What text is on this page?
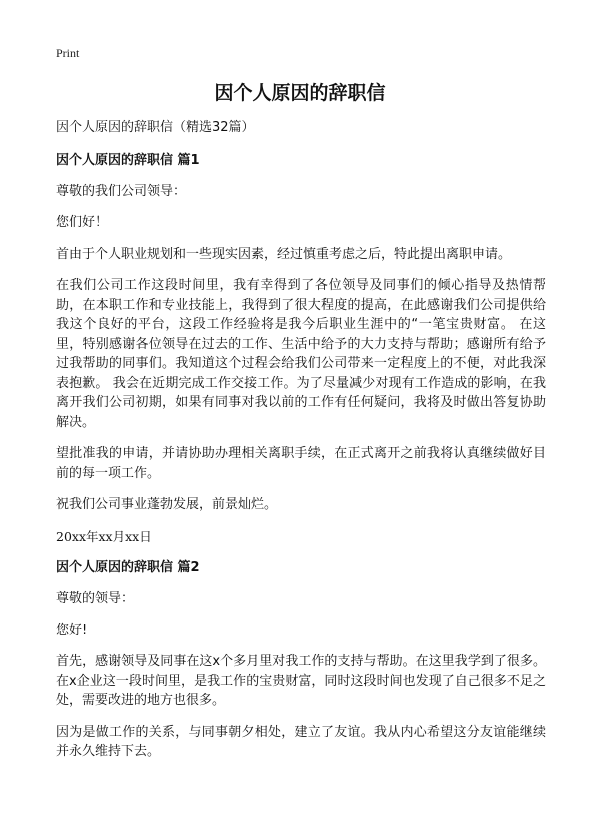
Print
因个人原因的辞职信

因个人原因的辞职信（精选32篇）

因个人原因的辞职信 篇1

尊敬的我们公司领导：

您们好！

首由于个人职业规划和一些现实因素，经过慎重考虑之后，特此提出离职申请。

在我们公司工作这段时间里，我有幸得到了各位领导及同事们的倾心指导及热情帮助，在本职工作和专业技能上，我得到了很大程度的提高，在此感谢我们公司提供给我这个良好的平台，这段工作经验将是我今后职业生涯中的“一笔宝贵财富。 在这里，特别感谢各位领导在过去的工作、生活中给予的大力支持与帮助；感谢所有给予过我帮助的同事们。我知道这个过程会给我们公司带来一定程度上的不便，对此我深表抱歉。 我会在近期完成工作交接工作。为了尽量减少对现有工作造成的影响，在我离开我们公司初期，如果有同事对我以前的工作有任何疑问，我将及时做出答复协助解决。

望批准我的申请，并请协助办理相关离职手续，在正式离开之前我将认真继续做好目前的每一项工作。

祝我们公司事业蓬勃发展，前景灿烂。

20xx年xx月xx日

因个人原因的辞职信 篇2

尊敬的领导：

您好!

首先，感谢领导及同事在这x个多月里对我工作的支持与帮助。在这里我学到了很多。在x企业这一段时间里，是我工作的宝贵财富，同时这段时间也发现了自己很多不足之处，需要改进的地方也很多。

因为是做工作的关系，与同事朝夕相处，建立了友谊。我从内心希望这分友谊能继续并永久维持下去。
